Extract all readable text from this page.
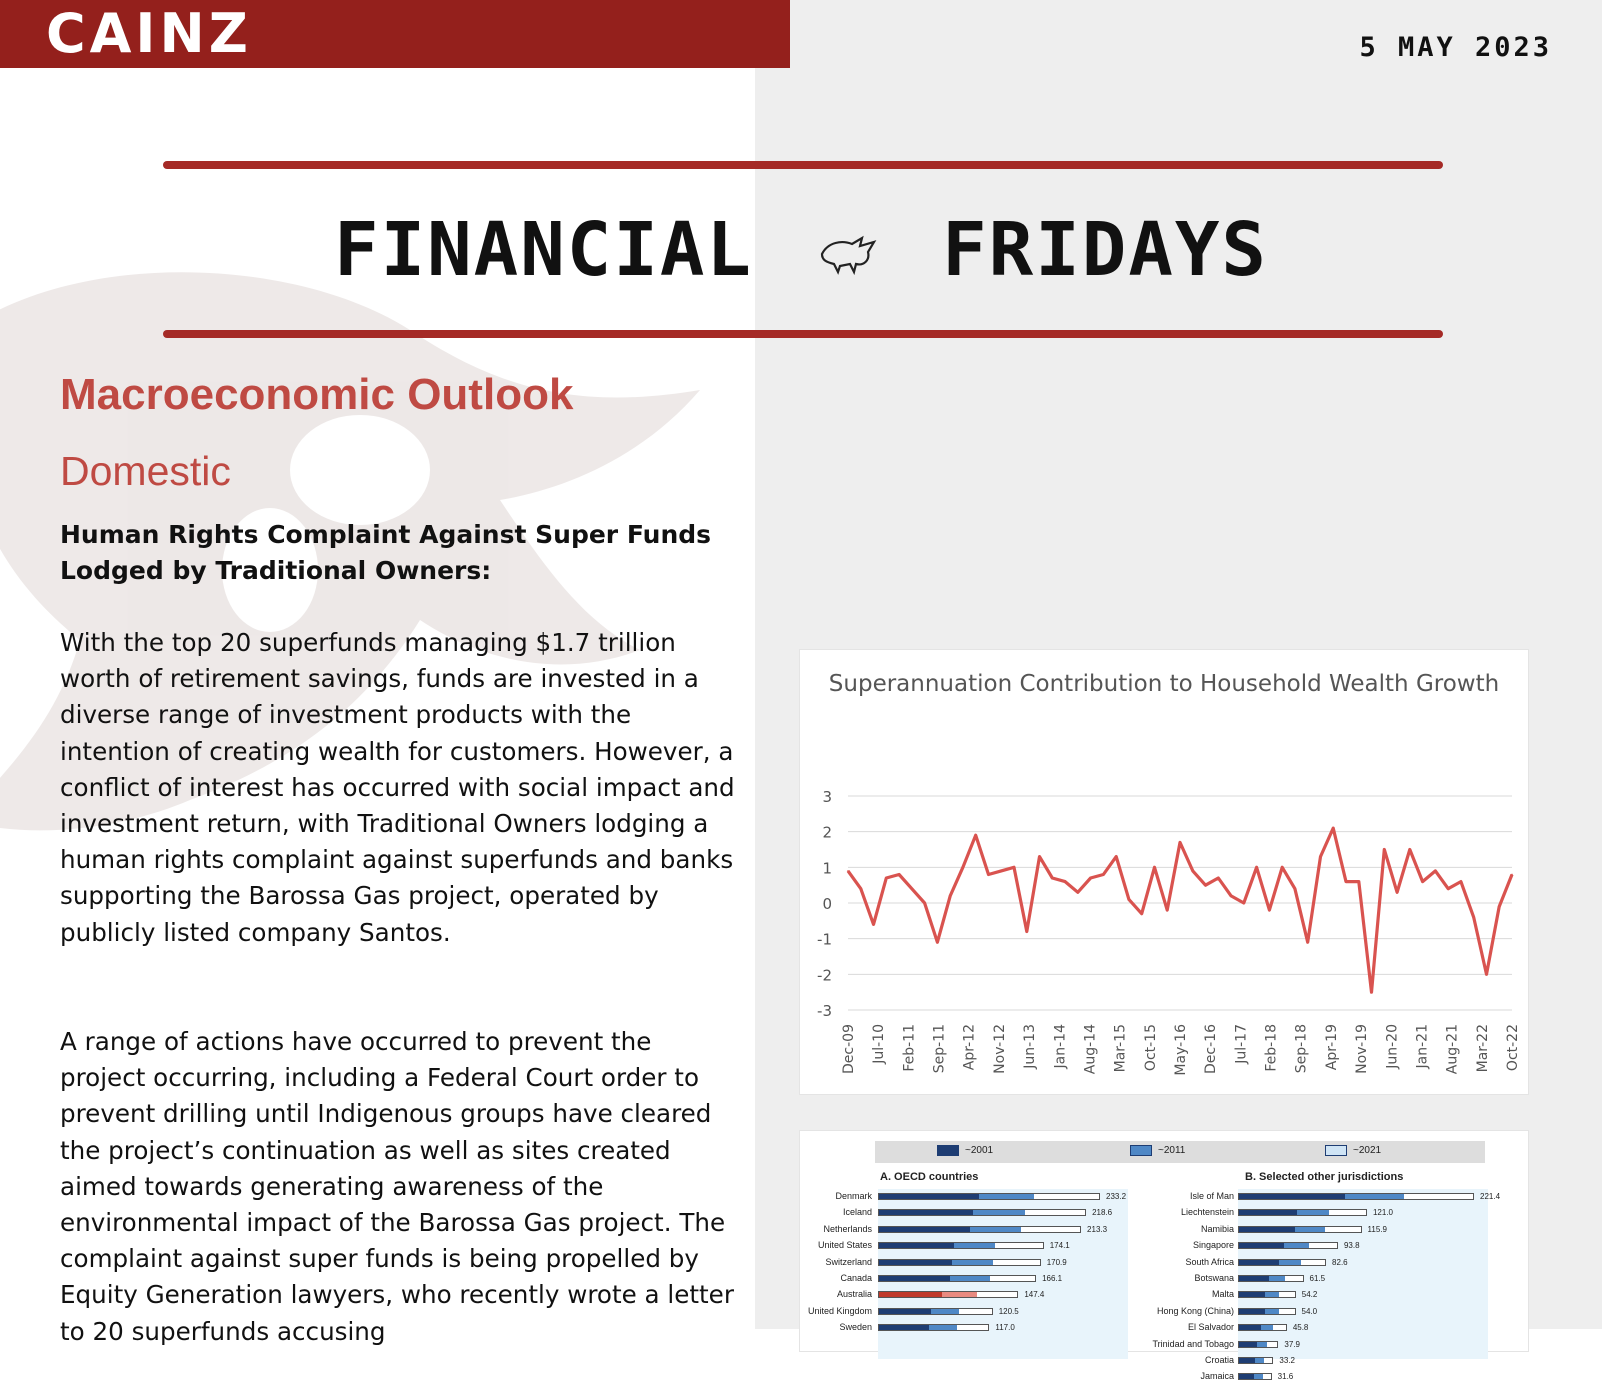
CAINZ	5 MAY 2023
FINANCIAL	FRIDAYS
Macroeconomic Outlook
Domestic
Human Rights Complaint Against Super Funds Lodged by Traditional Owners:

With the top 20 superfunds managing $1.7 trillion worth of retirement savings, funds are invested in a diverse range of investment products with the intention of creating wealth for customers. However, a conflict of interest has occurred with social impact and investment return, with Traditional Owners lodging a human rights complaint against superfunds and banks supporting the Barossa Gas project, operated by publicly listed company Santos.

A range of actions have occurred to prevent the project occurring, including a Federal Court order to prevent drilling until Indigenous groups have cleared the project’s continuation as well as sites created aimed towards generating awareness of the environmental impact of the Barossa Gas project. The complaint against super funds is being propelled by Equity Generation lawyers, who recently wrote a letter to 20 superfunds accusing

Superannuation Contribution to Household Wealth Growth
3
2
1
0
-1
-2
-3
Dec-09 Jul-10 Feb-11 Sep-11 Apr-12 Nov-12 Jun-13 Jan-14 Aug-14 Mar-15 Oct-15 May-16 Dec-16 Jul-17 Feb-18 Sep-18 Apr-19 Nov-19 Jun-20 Jan-21 Aug-21 Mar-22 Oct-22
~2001	~2011	~2021
A. OECD countries	B. Selected other jurisdictions
Denmark	233.2
Iceland	218.6
Netherlands	213.3
United States	174.1
Switzerland	170.9
Canada	166.1
Australia	147.4
United Kingdom	120.5
Sweden	117.0
Isle of Man	221.4
Liechtenstein	121.0
Namibia	115.9
Singapore	93.8
South Africa	82.6
Botswana	61.5
Malta	54.2
Hong Kong (China)	54.0
El Salvador	45.8
Trinidad and Tobago	37.9
Croatia	33.2
Jamaica	31.6
